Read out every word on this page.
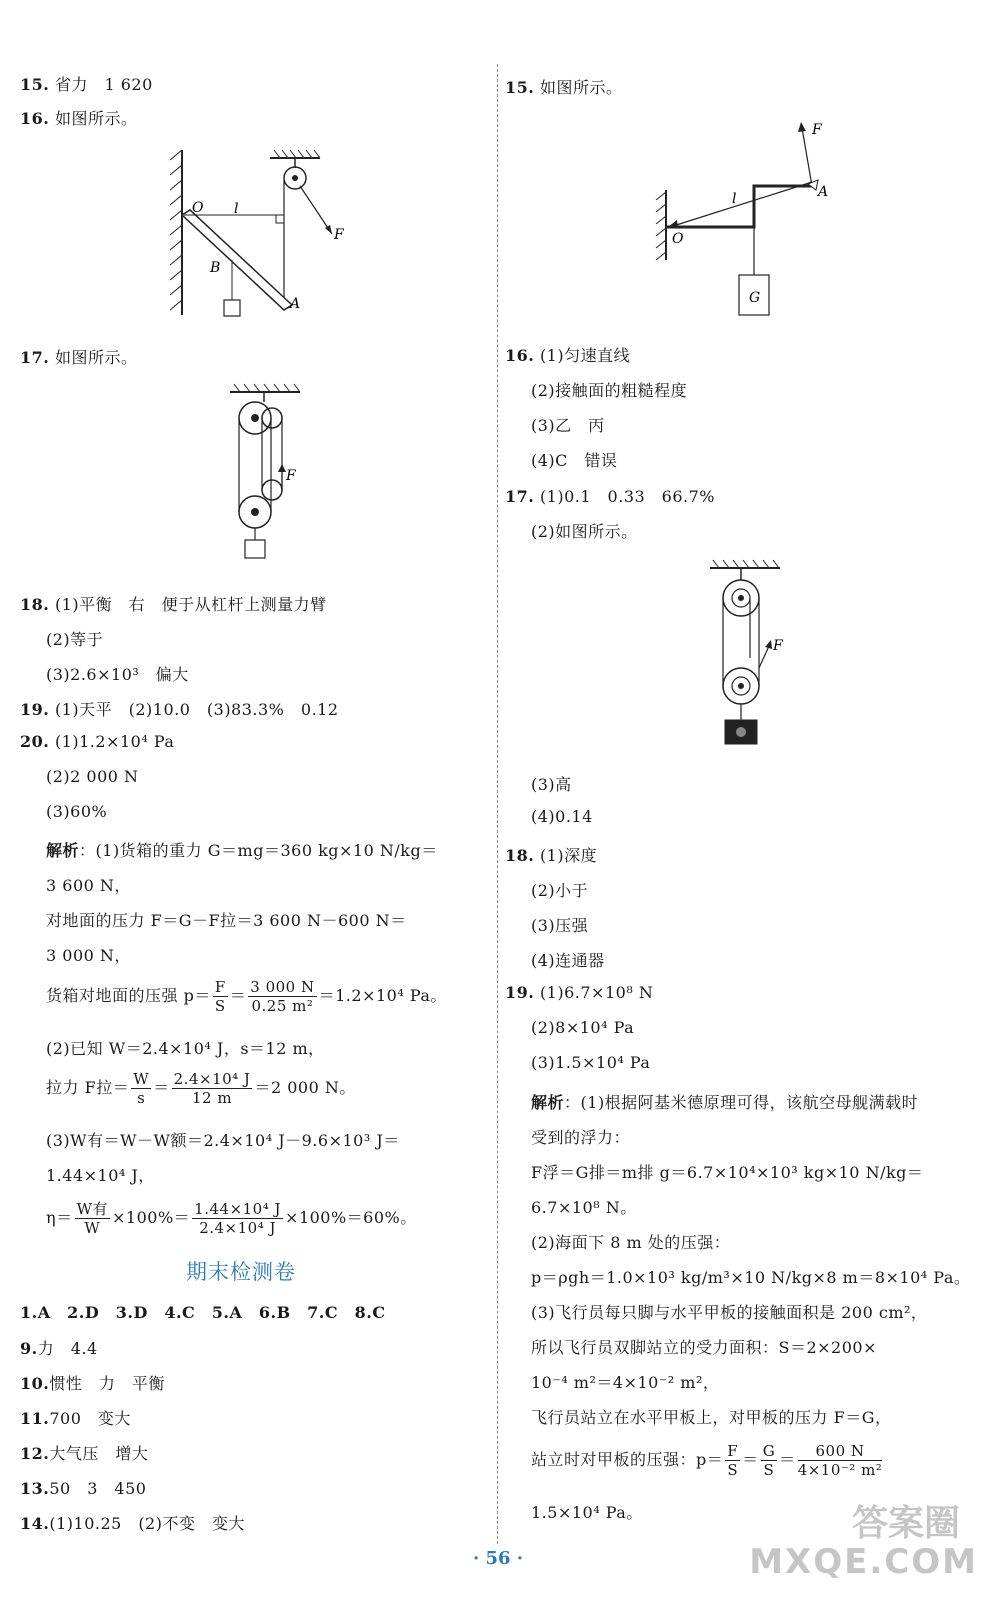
15. 省力　1 620
16. 如图所示。
O l
F
B
A
17. 如图所示。
F
18. (1)平衡　右　便于从杠杆上测量力臂
(2)等于
(3)2.6×10³　偏大
19. (1)天平　(2)10.0　(3)83.3%　0.12
20. (1)1.2×10⁴ Pa
(2)2 000 N
(3)60%
解析：(1)货箱的重力 G＝mg＝360 kg×10 N/kg＝
3 600 N，
对地面的压力 F＝G－F拉＝3 600 N－600 N＝
3 000 N，
货箱对地面的压强 $p= \frac{F}{S} = \frac{3 000 N}{\text{0.25 m²}} =1.2\times 10^4$ Pa。
(2)已知 W＝2.4×10⁴ J，s＝12 m，
拉力 F拉＝ $\frac{W}{s} = \frac{\text{2.4×10⁴ J}}{12 m} =2$ 000 N。
(3)W有＝W－W额＝2.4×10⁴ J－9.6×10³ J＝
1.44×10⁴ J，
$\eta= \frac{\text{W有}}{W} \times 100\%= \frac{\text{1.44×10⁴ J}}{\text{2.4×10⁴ J}} \times 100\%=60\%$。
期末检测卷
1.A　 2.D　 3.D　 4.C　 5.A　 6.B　 7.C　 8.C
9.力　4.4
10.惯性　力　平衡
11.700　变大
12.大气压　增大
13.50　3　450
14.(1)10.25　(2)不变　变大
15. 如图所示。
F
l	A
O
G
16. (1)匀速直线
(2)接触面的粗糙程度
(3)乙　丙
(4)C　错误
17. (1)0.1　0.33　66.7%
(2)如图所示。
F
(3)高
(4)0.14
18. (1)深度
(2)小于
(3)压强
(4)连通器
19. (1)6.7×10⁸ N
(2)8×10⁴ Pa
(3)1.5×10⁴ Pa
解析：(1)根据阿基米德原理可得，该航空母舰满载时
受到的浮力：
F浮＝G排＝m排 g＝6.7×10⁴×10³ kg×10 N/kg＝
6.7×10⁸ N。
(2)海面下 8 m 处的压强：
p＝ρgh＝1.0×10³ kg/m³×10 N/kg×8 m＝8×10⁴ Pa。
(3)飞行员每只脚与水平甲板的接触面积是 200 cm²，
所以飞行员双脚站立的受力面积：S＝2×200×
10⁻⁴ m²＝4×10⁻² m²，
飞行员站立在水平甲板上，对甲板的压力 F＝G，
站立时对甲板的压强：$p= \frac{F}{S} = \frac{G}{S} = \frac{600 N}{\text{4×10⁻² m²}}$
1.5×10⁴ Pa。
· 56 ·
答案圈
MXQE.COM
